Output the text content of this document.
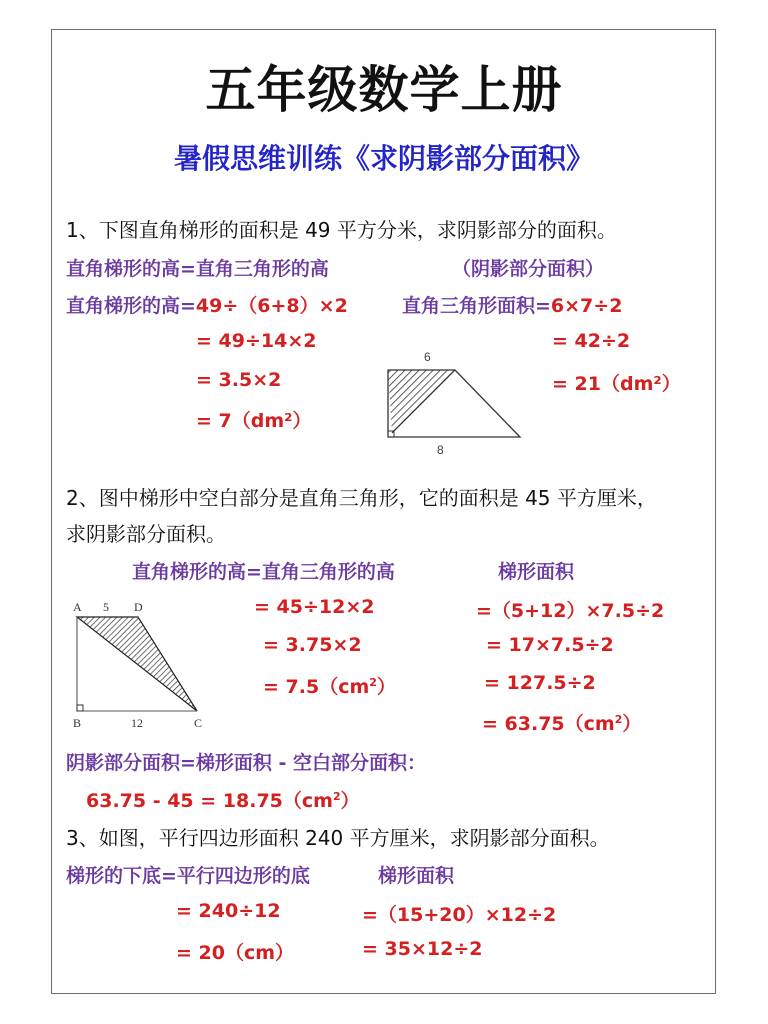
五年级数学上册
暑假思维训练《求阴影部分面积》
1、下图直角梯形的面积是 49 平方分米，求阴影部分的面积。
直角梯形的高=直角三角形的高	（阴影部分面积）
直角梯形的高=49÷（6+8）×2
= 49÷14×2
= 3.5×2
= 7（dm²）
直角三角形面积=6×7÷2
= 42÷2
= 21（dm²）
6
8
2、图中梯形中空白部分是直角三角形，它的面积是 45 平方厘米，
求阴影部分面积。
直角梯形的高=直角三角形的高	梯形面积
A 5 D
B	12	C
= 45÷12×2
= 3.75×2
= $7.5(cm^2)$
=（5+12）×7.5÷2
= 17×7.5÷2
= 127.5÷2
= $63.75(cm^2)$
阴影部分面积=梯形面积 - 空白部分面积：
$63.75 - 45 = 18.75(cm^2)$
3、如图，平行四边形面积 240 平方厘米，求阴影部分面积。
梯形的下底=平行四边形的底	梯形面积
= 240÷12
= 20（cm）
=（15+20）×12÷2
= 35×12÷2
